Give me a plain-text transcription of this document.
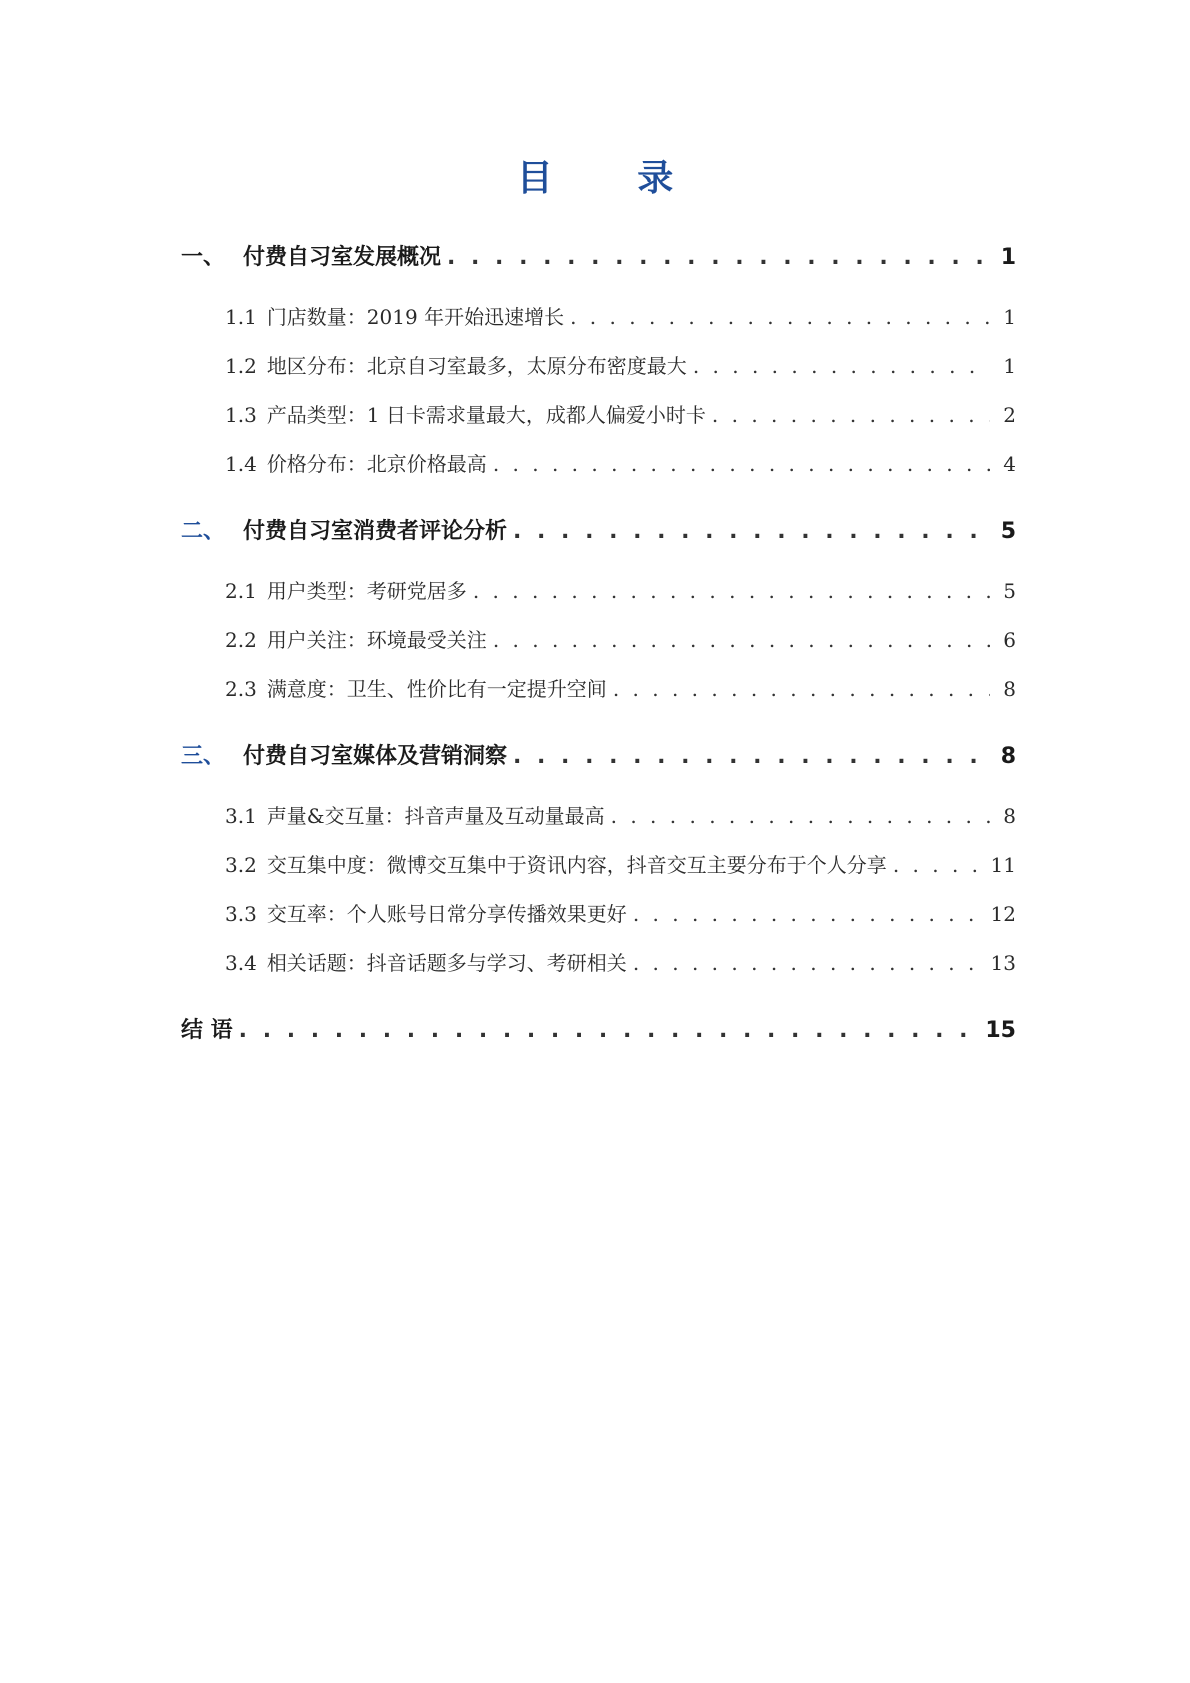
目 录
一、 付费自习室发展概况 . . .	1
1.1 门店数量：2019 年开始迅速增长 . . .	1
1.2 地区分布：北京自习室最多，太原分布密度最大 . . .	1
1.3 产品类型：1 日卡需求量最大，成都人偏爱小时卡 . . .	2
1.4 价格分布：北京价格最高 . . .	4
二、 付费自习室消费者评论分析 . . .	5
2.1 用户类型：考研党居多 . . .	5
2.2 用户关注：环境最受关注 . . .	6
2.3 满意度：卫生、性价比有一定提升空间 . . .	8
三、 付费自习室媒体及营销洞察 . . .	8
3.1 声量&交互量：抖音声量及互动量最高 . . .	8
3.2 交互集中度：微博交互集中于资讯内容，抖音交互主要分布于个人分享 . . .	11
3.3 交互率：个人账号日常分享传播效果更好 . . .	12
3.4 相关话题：抖音话题多与学习、考研相关 . . .	13
结 语 . . .	15
